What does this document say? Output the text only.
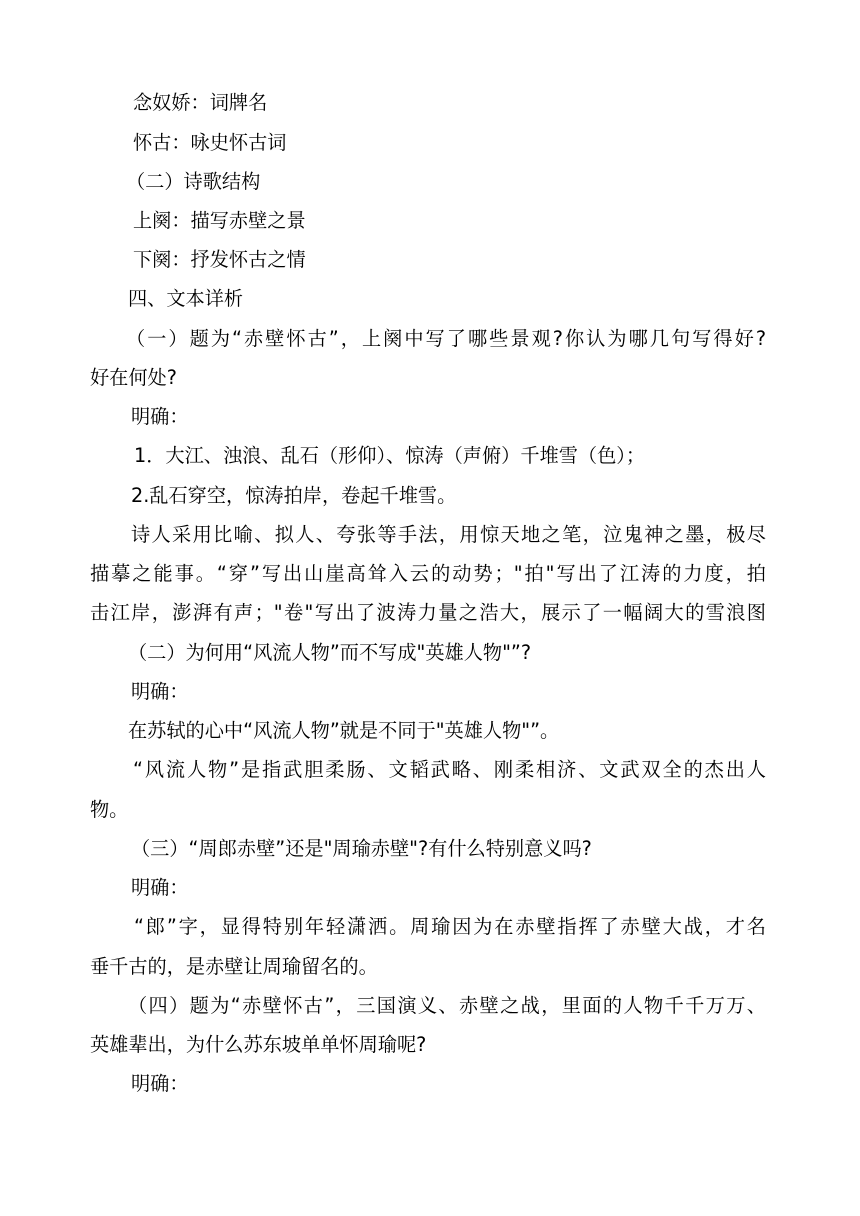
念奴娇：词牌名
怀古：咏史怀古词
（二）诗歌结构
上阕：描写赤壁之景
下阕：抒发怀古之情
四、文本详析
（一）题为“赤壁怀古”，上阕中写了哪些景观?你认为哪几句写得好?
好在何处?
明确：
1．大江、浊浪、乱石（形仰）、惊涛（声俯）千堆雪（色）；
2.乱石穿空，惊涛拍岸，卷起千堆雪。
诗人采用比喻、拟人、夸张等手法，用惊天地之笔，泣鬼神之墨，极尽
描摹之能事。“穿”写出山崖高耸入云的动势；"拍"写出了江涛的力度，拍
击江岸，澎湃有声；"卷"写出了波涛力量之浩大，展示了一幅阔大的雪浪图
（二）为何用“风流人物”而不写成"英雄人物"”?
明确：
在苏轼的心中“风流人物”就是不同于"英雄人物"”。
“风流人物”是指武胆柔肠、文韬武略、刚柔相济、文武双全的杰出人
物。
（三）“周郎赤壁”还是"周瑜赤壁"?有什么特别意义吗?
明确：
“郎”字，显得特别年轻潇洒。周瑜因为在赤壁指挥了赤壁大战，才名
垂千古的，是赤壁让周瑜留名的。
（四）题为“赤壁怀古”，三国演义、赤壁之战，里面的人物千千万万、
英雄辈出，为什么苏东坡单单怀周瑜呢?
明确：
